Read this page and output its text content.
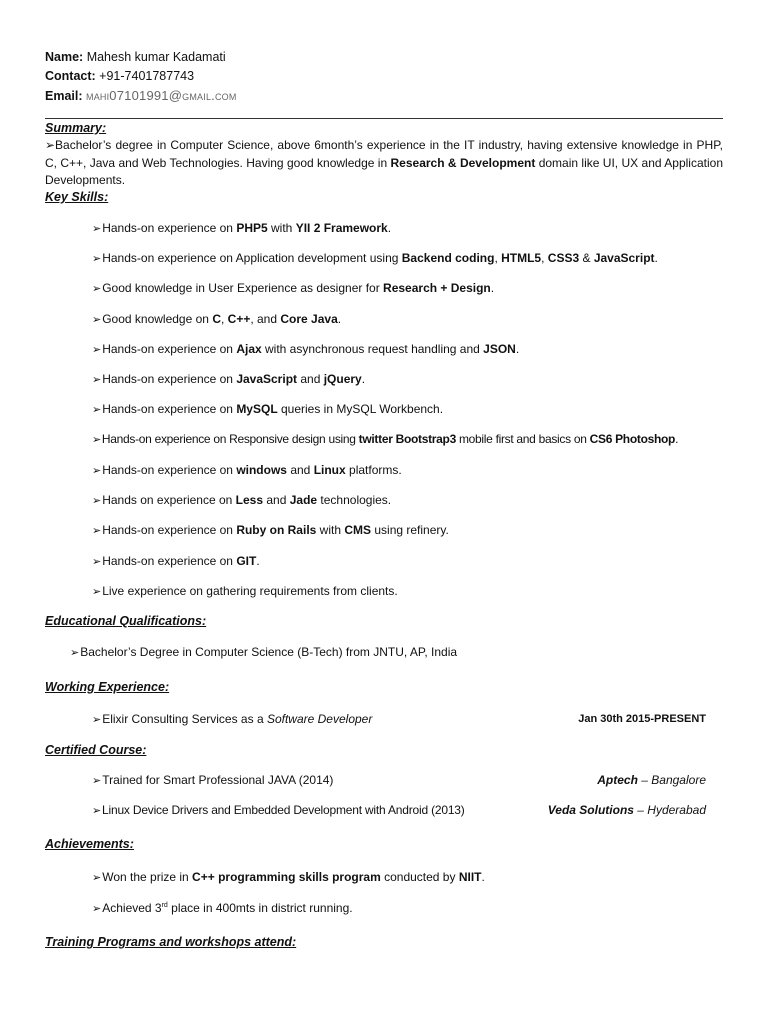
Name: Mahesh kumar Kadamati
Contact: +91-7401787743
Email: mahi07101991@gmail.com
Summary:
➢Bachelor’s degree in Computer Science, above 6month’s experience in the IT industry, having extensive knowledge in PHP, C, C++, Java and Web Technologies. Having good knowledge in Research & Development domain like UI, UX and Application Developments.
Key Skills:
➢Hands-on experience on PHP5 with YII 2 Framework.
➢Hands-on experience on Application development using Backend coding, HTML5, CSS3 & JavaScript.
➢Good knowledge in User Experience as designer for Research + Design.
➢Good knowledge on C, C++, and Core Java.
➢Hands-on experience on Ajax with asynchronous request handling and JSON.
➢Hands-on experience on JavaScript and jQuery.
➢Hands-on experience on MySQL queries in MySQL Workbench.
➢Hands-on experience on Responsive design using twitter Bootstrap3 mobile first and basics on CS6 Photoshop.
➢Hands-on experience on windows and Linux platforms.
➢Hands on experience on Less and Jade technologies.
➢Hands-on experience on Ruby on Rails with CMS using refinery.
➢Hands-on experience on GIT.
➢Live experience on gathering requirements from clients.
Educational Qualifications:
➢Bachelor’s Degree in Computer Science (B-Tech) from JNTU, AP, India
Working Experience:
➢Elixir Consulting Services as a Software Developer	Jan 30th 2015-PRESENT
Certified Course:
➢Trained for Smart Professional JAVA (2014)	Aptech – Bangalore
➢Linux Device Drivers and Embedded Development with Android (2013)	Veda Solutions – Hyderabad
Achievements:
➢Won the prize in C++ programming skills program conducted by NIIT.
➢Achieved 3rd place in 400mts in district running.
Training Programs and workshops attend:
